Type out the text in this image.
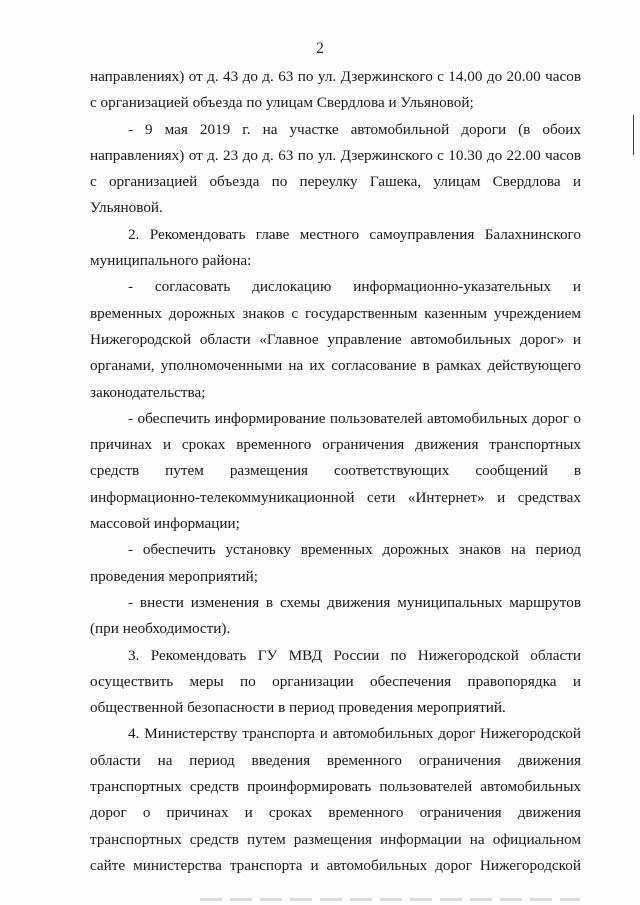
2
направлениях) от д. 43 до д. 63 по ул. Дзержинского с 14.00 до 20.00 часов
с организацией объезда по улицам Свердлова и Ульяновой;
- 9 мая 2019 г. на участке автомобильной дороги (в обоих
направлениях) от д. 23 до д. 63 по ул. Дзержинского с 10.30 до 22.00 часов
с организацией объезда по переулку Гашека, улицам Свердлова и
Ульяновой.
2. Рекомендовать главе местного самоуправления Балахнинского
муниципального района:
- согласовать дислокацию информационно-указательных и
временных дорожных знаков с государственным казенным учреждением
Нижегородской области «Главное управление автомобильных дорог» и
органами, уполномоченными на их согласование в рамках действующего
законодательства;
- обеспечить информирование пользователей автомобильных дорог о
причинах и сроках временного ограничения движения транспортных
средств путем размещения соответствующих сообщений в
информационно-телекоммуникационной сети «Интернет» и средствах
массовой информации;
- обеспечить установку временных дорожных знаков на период
проведения мероприятий;
- внести изменения в схемы движения муниципальных маршрутов
(при необходимости).
3. Рекомендовать ГУ МВД России по Нижегородской области
осуществить меры по организации обеспечения правопорядка и
общественной безопасности в период проведения мероприятий.
4. Министерству транспорта и автомобильных дорог Нижегородской
области на период введения временного ограничения движения
транспортных средств проинформировать пользователей автомобильных
дорог о причинах и сроках временного ограничения движения
транспортных средств путем размещения информации на официальном
сайте министерства транспорта и автомобильных дорог Нижегородской
